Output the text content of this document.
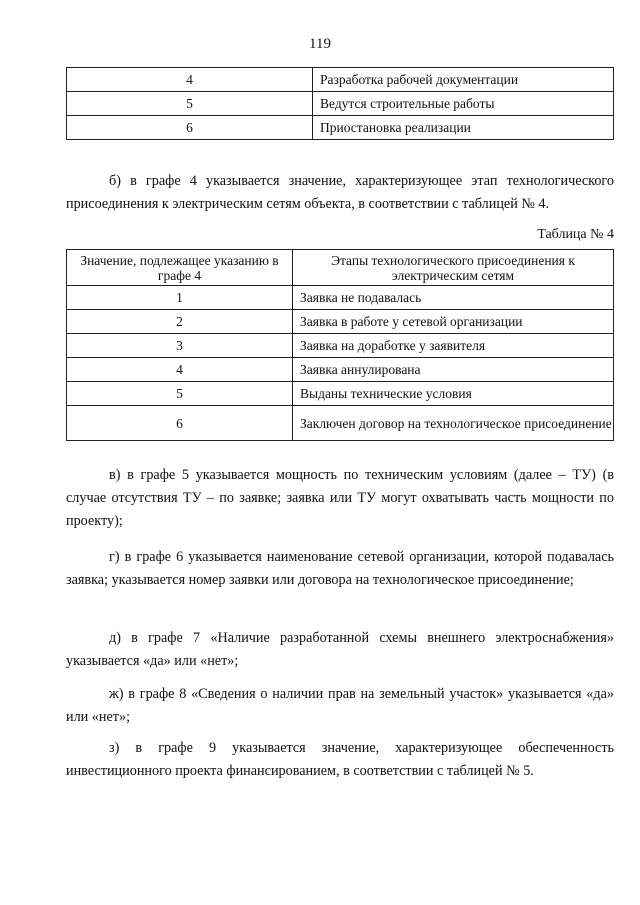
119
4	Разработка рабочей документации
5	Ведутся строительные работы
6	Приостановка реализации

б) в графе 4 указывается значение, характеризующее этап технологического присоединения к электрическим сетям объекта, в соответствии с таблицей № 4.

Таблица № 4
Значение, подлежащее указанию в графе 4	Этапы технологического присоединения к электрическим сетям
1	Заявка не подавалась
2	Заявка в работе у сетевой организации
3	Заявка на доработке у заявителя
4	Заявка аннулирована
5	Выданы технические условия
6	Заключен договор на технологическое присоединение

в) в графе 5 указывается мощность по техническим условиям (далее – ТУ) (в случае отсутствия ТУ – по заявке; заявка или ТУ могут охватывать часть мощности по проекту);

г) в графе 6 указывается наименование сетевой организации, которой подавалась заявка; указывается номер заявки или договора на технологическое присоединение;

д) в графе 7 «Наличие разработанной схемы внешнего электроснабжения» указывается «да» или «нет»;

ж) в графе 8 «Сведения о наличии прав на земельный участок» указывается «да» или «нет»;

з) в графе 9 указывается значение, характеризующее обеспеченность инвестиционного проекта финансированием, в соответствии с таблицей № 5.
